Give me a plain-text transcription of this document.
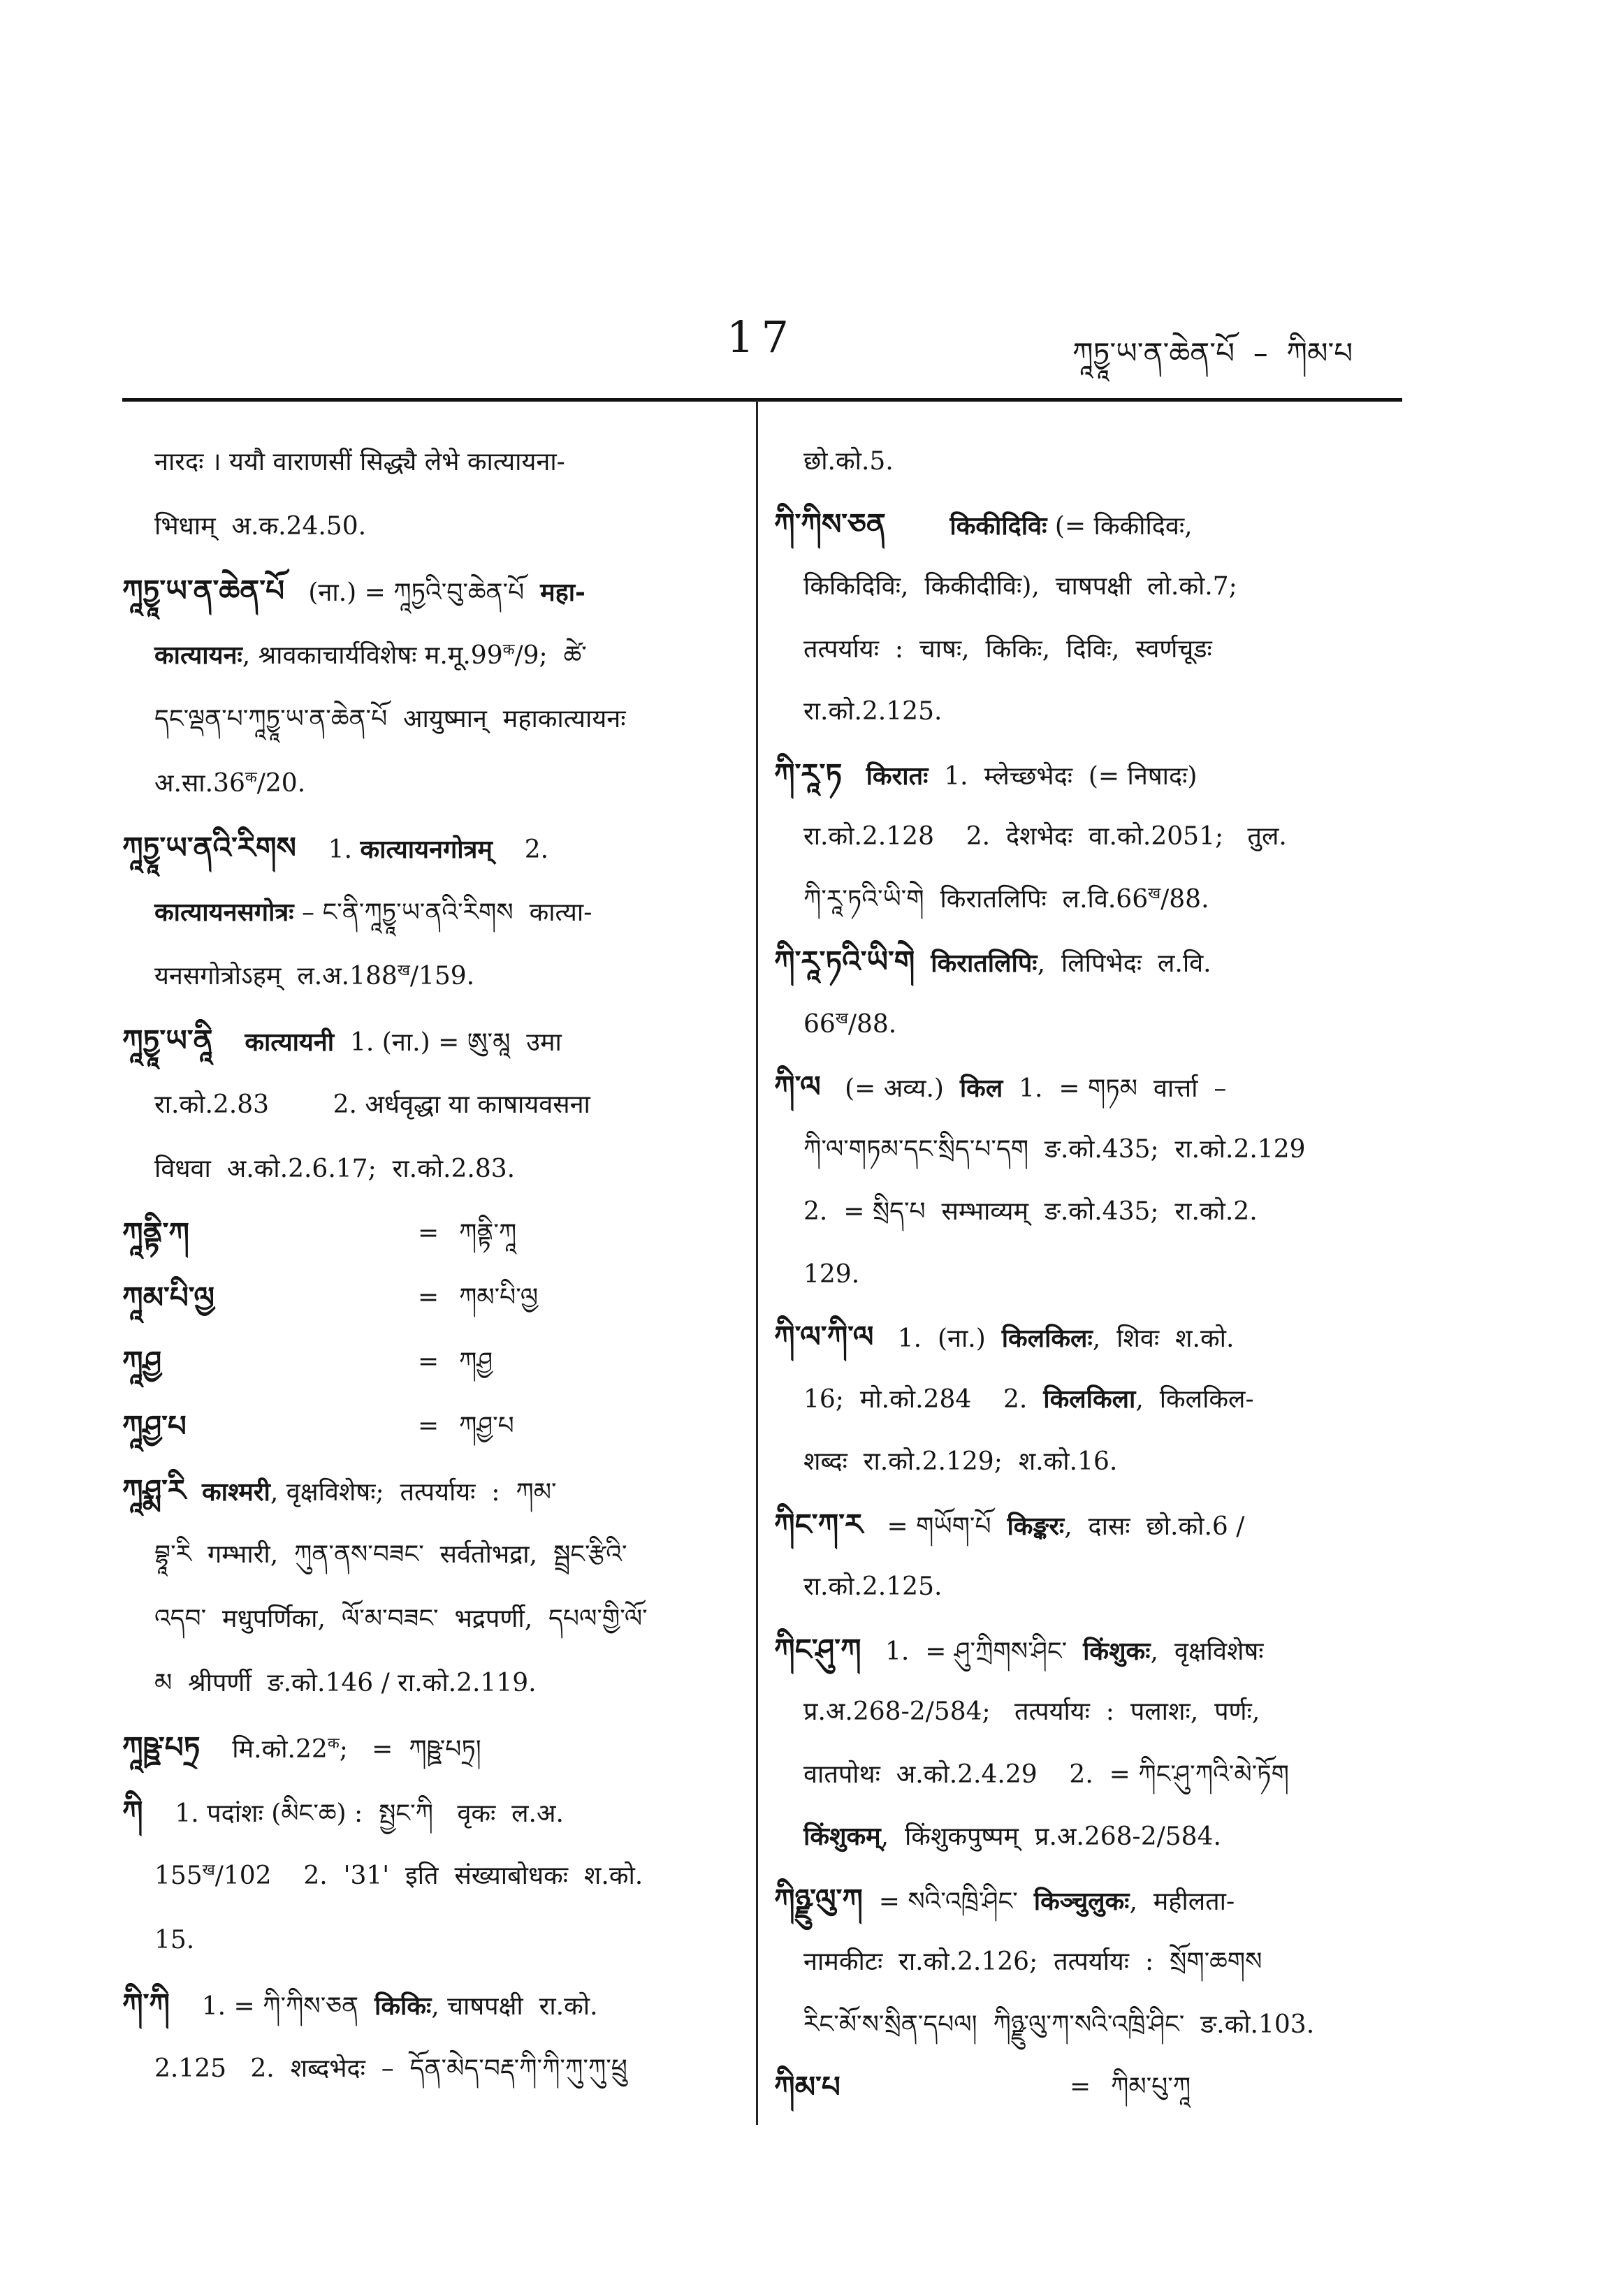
17	ཀཱཏྱཱ་ཡ་ན་ཆེན་པོ  –  ཀིམ་པ
नारदः । ययौ वाराणसीं सिद्ध्यै लेभे कात्यायना-
भिधाम्  अ.क.24.50.
ཀཱཏྱཱ་ཡ་ན་ཆེན་པོ   (ना.) = ཀཱཏྱའི་བུ་ཆེན་པོ  महा-
कात्यायनः, श्रावकाचार्यविशेषः $म.मू.99^क/9$;  ཚེ་
དང་ལྡན་པ་ཀཱཏྱཱ་ཡ་ན་ཆེན་པོ  आयुष्मान्  महाकात्यायनः
$अ.सा.36^क/20$.
ཀཱཏྱཱ་ཡ་ནའི་རིགས    1. कात्यायनगोत्रम्    2.
कात्यायनसगोत्रः – ང་ནི་ཀཱཏྱཱ་ཡ་ནའི་རིགས  कात्या-
यनसगोत्रोऽहम्  $ल.अ.188^ख/159$.
ཀཱཏྱཱ་ཡ་ནཱི कात्यायनी  1. (ना.) = ཨུ་མཱ  उमा
रा.को.2.83        2. अर्धवृद्धा या काषायवसना
विधवा  अ.को.2.6.17;  रा.को.2.83.
ཀཱནྟི་ཀ	= ཀནྟི་ཀཱ
ཀཱམ་པི་ལྱ	= ཀམ་པི་ལྱ
ཀཱཤྱ	= ཀཤྱ
ཀཱཤྱ་པ	= ཀཤྱ་པ
ཀཱཤྨ་རི काश्मरी, वृक्षविशेषः;  तत्पर्यायः  :  ཀམ་
བྷཱ་རི  गम्भारी,  ཀུན་ནས་བཟང་  सर्वतोभद्रा,  སྦྲང་རྩིའི་
འདབ་  मधुपर्णिका,  ལོ་མ་བཟང་  भद्रपर्णी,  དཔལ་གྱི་ལོ་
མ  श्रीपर्णी  ङ.को.146 / रा.को.2.119.
ཀཱཥྛ་པཏྲ    $मि.को.22^क$;   =  ཀཥྛ་པཏྲ།
ཀི    1. पदांशः (མིང་ཆ) :  སྤྱང་ཀི   वृकः  ल.अ.
$155^ख/102$    2.  '31'  इति  संख्याबोधकः  श.को.
15.
ཀི་ཀི    1. = ཀི་ཀིས་ཅན  किकिः, चाषपक्षी  रा.को.
2.125   2.  शब्दभेदः  –  དོན་མེད་བརྡ་ཀི་ཀི་ཀུ་ཀུ་ཕྲུ
छो.को.5.
ཀི་ཀིས་ཅན	किकीदिविः (= किकीदिवः,
किकिदिविः,  किकीदीविः),  चाषपक्षी  लो.को.7;
तत्पर्यायः  :  चाषः,  किकिः,  दिविः,  स्वर्णचूडः
रा.को.2.125.
ཀི་རཱ་ཏ किरातः  1.  म्लेच्छभेदः  (= निषादः)
रा.को.2.128    2.  देशभेदः  वा.को.2051;   तुल.
ཀི་རཱ་ཏའི་ཡི་གེ  किरातलिपिः  $ल.वि.66^ख/88$.
ཀི་རཱ་ཏའི་ཡི་གེ किरातलिपिः,  लिपिभेदः  ल.वि.
$66^ख/88$.
ཀི་ལ   (= अव्य.)  किल  1.  = གཏམ  वार्त्ता  –
ཀི་ལ་གཏམ་དང་སྲིད་པ་དག  ङ.को.435;  रा.को.2.129
2.  = སྲིད་པ  सम्भाव्यम्  ङ.को.435;  रा.को.2.
129.
ཀི་ལ་ཀི་ལ   1.  (ना.)  किलकिलः,  शिवः  श.को.
16;  मो.को.284    2.  किलकिला,  किलकिल-
शब्दः  रा.को.2.129;  श.को.16.
ཀིང་ཀ་ར   = གཡོག་པོ  किङ्करः,  दासः  छो.को.6 /
रा.को.2.125.
ཀིང་ཤུ་ཀ   1.  = ཤུ་ཀྲིགས་ཤིང་  किंशुकः,  वृक्षविशेषः
प्र.अ.268-2/584;   तत्पर्यायः  :  पलाशः,  पर्णः,
वातपोथः  अ.को.2.4.29    2.  = ཀིང་ཤུ་ཀའི་མེ་ཏོག
किंशुकम्,  किंशुकपुष्पम्  प्र.अ.268-2/584.
ཀིཉྫུ་ལུ་ཀ  = སའི་འཁྲི་ཤིང་  किञ्चुलुकः,  महीलता-
नामकीटः  रा.को.2.126;  तत्पर्यायः  :  སྲོག་ཆགས
རིང་མོ་ས་སྲིན་དཔལ།  ཀིཉྫུ་ལུ་ཀ་སའི་འཁྲི་ཤིང་  ङ.को.103.
ཀིམ་པ	= ཀིམ་པུ་ཀཱ
